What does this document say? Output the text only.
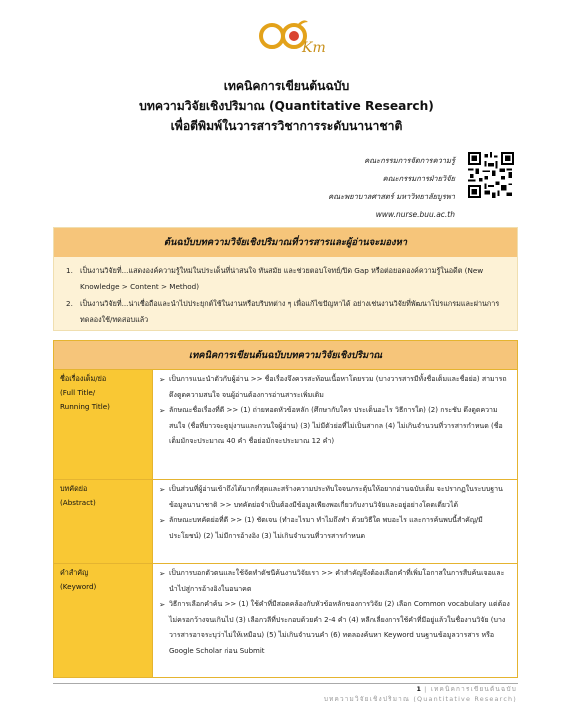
Km
เทคนิคการเขียนต้นฉบับ
บทความวิจัยเชิงปริมาณ (Quantitative Research)
เพื่อตีพิมพ์ในวารสารวิชาการระดับนานาชาติ
คณะกรรมการจัดการความรู้
คณะกรรมการฝ่ายวิจัย
คณะพยาบาลศาสตร์ มหาวิทยาลัยบูรพา
www.nurse.buu.ac.th
ต้นฉบับบทความวิจัยเชิงปริมาณที่วารสารและผู้อ่านจะมองหา
1. เป็นงานวิจัยที่...แสดงองค์ความรู้ใหม่ในประเด็นที่น่าสนใจ ทันสมัย และช่วยตอบโจทย์/ปิด Gap หรือต่อยอดองค์ความรู้ในอดีต (New Knowledge > Content > Method)
2. เป็นงานวิจัยที่...น่าเชื่อถือและนำไปประยุกต์ใช้ในงานหรือบริบทต่าง ๆ เพื่อแก้ไขปัญหาได้ อย่างเช่นงานวิจัยที่พัฒนาโปรแกรมและผ่านการทดลองใช้/ทดสอบแล้ว
เทคนิคการเขียนต้นฉบับบทความวิจัยเชิงปริมาณ
ชื่อเรื่องเต็ม/ย่อ
(Full Title/
Running Title)
➢ เป็นการแนะนำตัวกับผู้อ่าน >> ชื่อเรื่องจึงควรสะท้อนเนื้อหาโดยรวม (บางวารสารมีทั้งชื่อเต็มและชื่อย่อ) สามารถดึงดูดความสนใจ จนผู้อ่านต้องการอ่านสาระเพิ่มเติม
➢ ลักษณะชื่อเรื่องที่ดี >> (1) ถ่ายทอดหัวข้อหลัก (ศึกษากับใคร ประเด็นอะไร วิธีการใด) (2) กระชับ ดึงดูดความสนใจ (ชื่อที่ยาวจะดูมุ่งานและกวนใจผู้อ่าน) (3) ไม่มีตัวย่อที่ไม่เป็นสากล (4) ไม่เกินจำนวนที่วารสารกำหนด (ชื่อเต็มมักจะประมาณ 40 คำ ชื่อย่อมักจะประมาณ 12 คำ)
บทคัดย่อ
(Abstract)
➢ เป็นส่วนที่ผู้อ่านเข้าถึงได้มากที่สุดและสร้างความประทับใจจนกระตุ้นให้อยากอ่านฉบับเต็ม จะปรากฏในระบบฐานข้อมูลนานาชาติ >> บทคัดย่อจำเป็นต้องมีข้อมูลเพียงพอเกี่ยวกับงานวิจัยและอยู่อย่างโดดเดี่ยวได้
➢ ลักษณะบทคัดย่อที่ดี >> (1) ชัดเจน (ทำอะไรมา ทำไมถึงทำ ด้วยวิธีใด พบอะไร และการค้นพบนี้สำคัญ/มีประโยชน์) (2) ไม่มีการอ้างอิง (3) ไม่เกินจำนวนที่วารสารกำหนด
คำสำคัญ
(Keyword)
➢ เป็นการบอกตัวตนและใช้จัดทำดัชนีค้นงานวิจัยเรา >> คำสำคัญจึงต้องเลือกคำที่เพิ่มโอกาสในการสืบค้นเจอและนำไปสู่การอ้างอิงในอนาคต
➢ วิธีการเลือกคำค้น >> (1) ใช้คำที่มีสอดคล้องกับหัวข้อหลักของการวิจัย (2) เลือก Common vocabulary แต่ต้องไม่ครอกว้างจนเกินไป (3) เลือกวลีที่ประกอบด้วยคำ 2-4 คำ (4) หลีกเลี่ยงการใช้คำที่มีอยู่แล้วในชื่องานวิจัย (บางวารสารอาจระบุว่าไม่ให้เหมือน) (5) ไม่เกินจำนวนคำ (6) ทดลองค้นหา Keyword บนฐานข้อมูลวารสาร หรือ Google Scholar ก่อน Submit
1 | เทคนิคการเขียนต้นฉบับ
บทความวิจัยเชิงปริมาณ (Quantitative Research)
